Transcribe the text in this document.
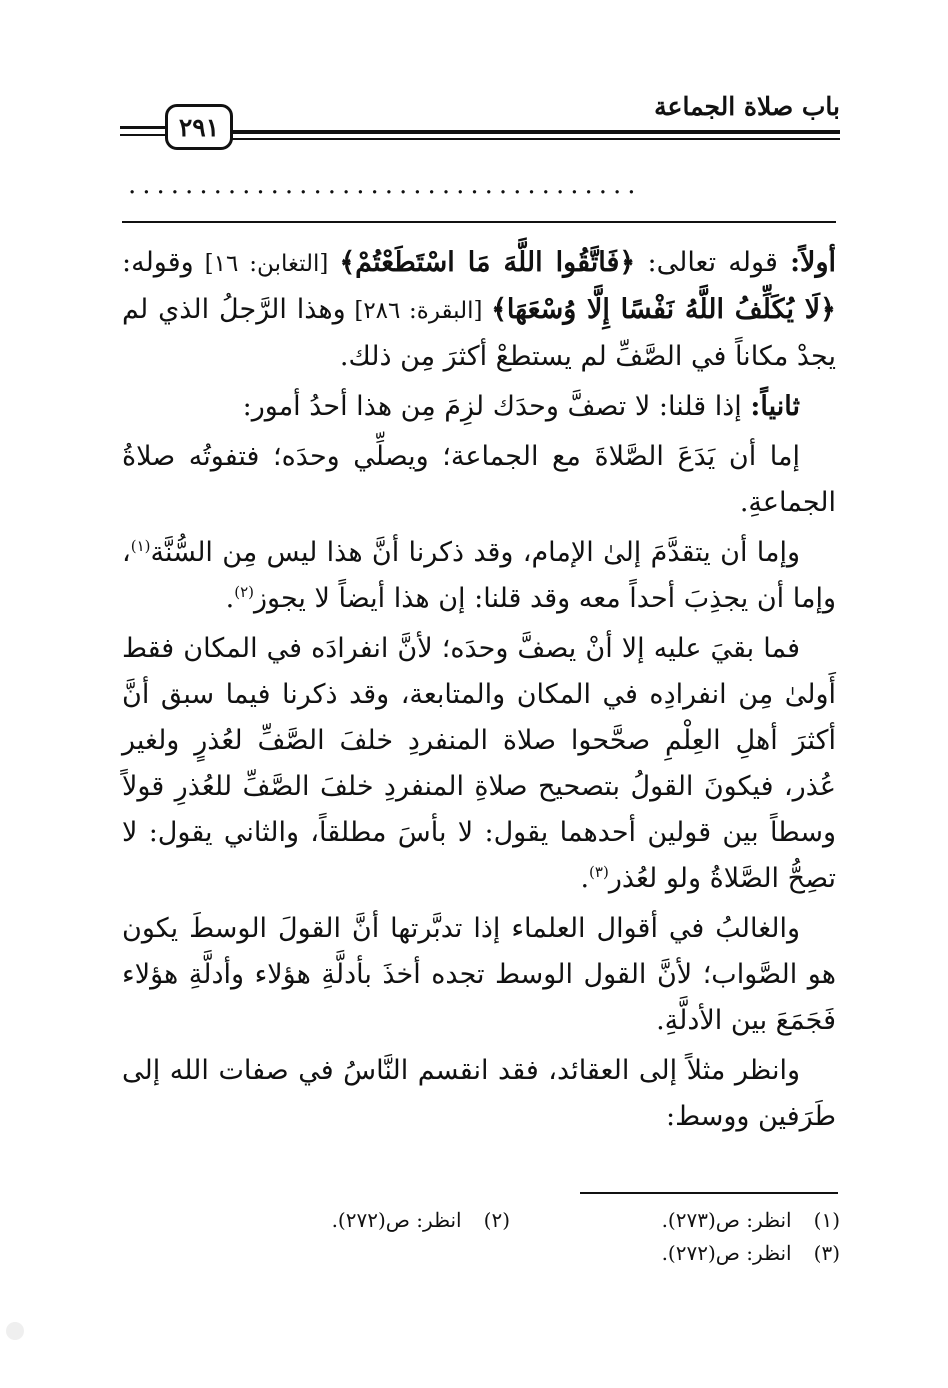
باب صلاة الجماعة
٢٩١
....................................

أولاً: قوله تعالى: ﴿فَاتَّقُوا اللَّهَ مَا اسْتَطَعْتُمْ﴾ [التغابن: ١٦] وقوله: ﴿لَا يُكَلِّفُ اللَّهُ نَفْسًا إِلَّا وُسْعَهَا﴾ [البقرة: ٢٨٦] وهذا الرَّجلُ الذي لم يجدْ مكاناً في الصَّفِّ لم يستطعْ أكثرَ مِن ذلك.

ثانياً: إذا قلنا: لا تصفَّ وحدَك لزِمَ مِن هذا أحدُ أمور:

إما أن يَدَعَ الصَّلاةَ مع الجماعة؛ ويصلِّي وحدَه؛ فتفوتُه صلاةُ الجماعةِ.

وإما أن يتقدَّمَ إلىٰ الإمام، وقد ذكرنا أنَّ هذا ليس مِن السُّنَّة$^{(١)}$، وإما أن يجذِبَ أحداً معه وقد قلنا: إن هذا أيضاً لا يجوز$^{(٢)}$.

فما بقيَ عليه إلا أنْ يصفَّ وحدَه؛ لأنَّ انفرادَه في المكان فقط أَولىٰ مِن انفرادِه في المكان والمتابعة، وقد ذكرنا فيما سبق أنَّ أكثرَ أهلِ العِلْمِ صحَّحوا صلاة المنفردِ خلفَ الصَّفِّ لعُذرٍ ولغير عُذر، فيكونَ القولُ بتصحيح صلاةِ المنفردِ خلفَ الصَّفِّ للعُذرِ قولاً وسطاً بين قولين أحدهما يقول: لا بأسَ مطلقاً، والثاني يقول: لا تصِحُّ الصَّلاةُ ولو لعُذر$^{(٣)}$.

والغالبُ في أقوال العلماء إذا تدبَّرتها أنَّ القولَ الوسطَ يكون هو الصَّواب؛ لأنَّ القول الوسط تجده أخذَ بأدلَّةِ هؤلاء وأدلَّةِ هؤلاء فَجَمَعَ بين الأدلَّةِ.

وانظر مثلاً إلى العقائد، فقد انقسم النَّاسُ في صفات الله إلى طَرَفين ووسط:

(١)انظر: ص(٢٧٣).
(٢)انظر: ص(٢٧٢).
(٣)انظر: ص(٢٧٢).
